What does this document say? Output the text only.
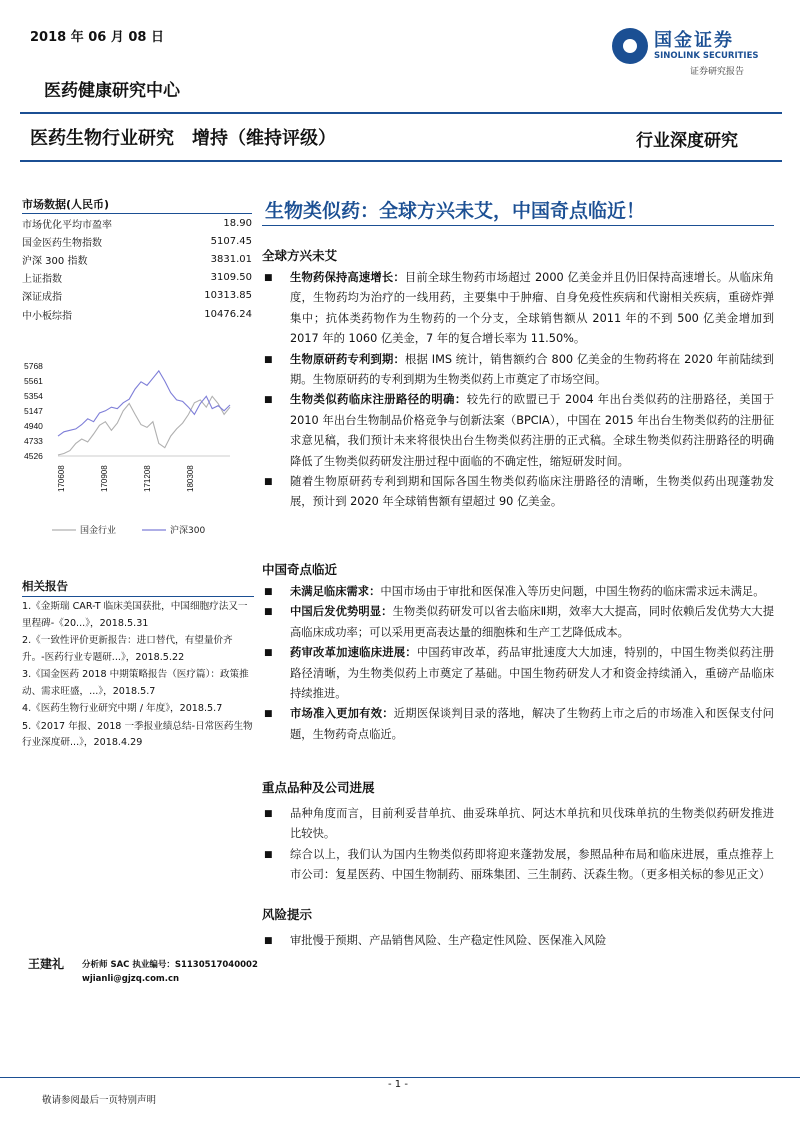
2018 年 06 月 08 日	国金证券
SINOLINK SECURITIES
证券研究报告
医药健康研究中心
医药生物行业研究　增持（维持评级）	行业深度研究
市场数据(人民币)
市场优化平均市盈率	18.90
国金医药生物指数	5107.45
沪深 300 指数	3831.01
上证指数	3109.50
深证成指	10313.85
中小板综指	10476.24
5768
5561
5354
5147
4940
4733
4526
170608	170908	171208	180308
国金行业	沪深300
相关报告

1.《金斯瑞 CAR-T 临床美国获批，中国细胞疗法又一里程碑-《20...》，2018.5.31

2.《一致性评价更新报告：进口替代，有望量价齐升。-医药行业专题研...》，2018.5.22

3.《国金医药 2018 中期策略报告（医疗篇）：政策推动、需求旺盛，...》，2018.5.7

4.《医药生物行业研究中期 / 年度》，2018.5.7

5.《2017 年报、2018 一季报业绩总结-日常医药生物行业深度研...》，2018.4.29

王建礼 分析师 SAC 执业编号：S1130517040002
wjianli@gjzq.com.cn
生物类似药：全球方兴未艾，中国奇点临近！
全球方兴未艾
■	生物药保持高速增长：目前全球生物药市场超过 2000 亿美金并且仍旧保持高速增长。从临床角度，生物药均为治疗的一线用药，主要集中于肿瘤、自身免疫性疾病和代谢相关疾病，重磅炸弹集中；抗体类药物作为生物药的一个分支，全球销售额从 2011 年的不到 500 亿美金增加到 2017 年的 1060 亿美金，7 年的复合增长率为 11.50%。
■	生物原研药专利到期：根据 IMS 统计，销售额约合 800 亿美金的生物药将在 2020 年前陆续到期。生物原研药的专利到期为生物类似药上市奠定了市场空间。
■	生物类似药临床注册路径的明确：较先行的欧盟已于 2004 年出台类似药的注册路径，美国于 2010 年出台生物制品价格竞争与创新法案（BPCIA），中国在 2015 年出台生物类似药的注册征求意见稿，我们预计未来将很快出台生物类似药注册的正式稿。全球生物类似药注册路径的明确降低了生物类似药研发注册过程中面临的不确定性，缩短研发时间。
■	随着生物原研药专利到期和国际各国生物类似药临床注册路径的清晰，生物类似药出现蓬勃发展，预计到 2020 年全球销售额有望超过 90 亿美金。
中国奇点临近
■	未满足临床需求：中国市场由于审批和医保准入等历史问题，中国生物药的临床需求远未满足。
■	中国后发优势明显：生物类似药研发可以省去临床Ⅱ期，效率大大提高，同时依赖后发优势大大提高临床成功率；可以采用更高表达量的细胞株和生产工艺降低成本。
■	药审改革加速临床进展：中国药审改革，药品审批速度大大加速，特别的，中国生物类似药注册路径清晰，为生物类似药上市奠定了基础。中国生物药研发人才和资金持续涌入，重磅产品临床持续推进。
■	市场准入更加有效：近期医保谈判目录的落地，解决了生物药上市之后的市场准入和医保支付问题，生物药奇点临近。
重点品种及公司进展
■	品种角度而言，目前利妥昔单抗、曲妥珠单抗、阿达木单抗和贝伐珠单抗的生物类似药研发推进比较快。
■	综合以上，我们认为国内生物类似药即将迎来蓬勃发展，参照品种布局和临床进展，重点推荐上市公司：复星医药、中国生物制药、丽珠集团、三生制药、沃森生物。（更多相关标的参见正文）
风险提示
■	审批慢于预期、产品销售风险、生产稳定性风险、医保准入风险
- 1 -
敬请参阅最后一页特别声明
